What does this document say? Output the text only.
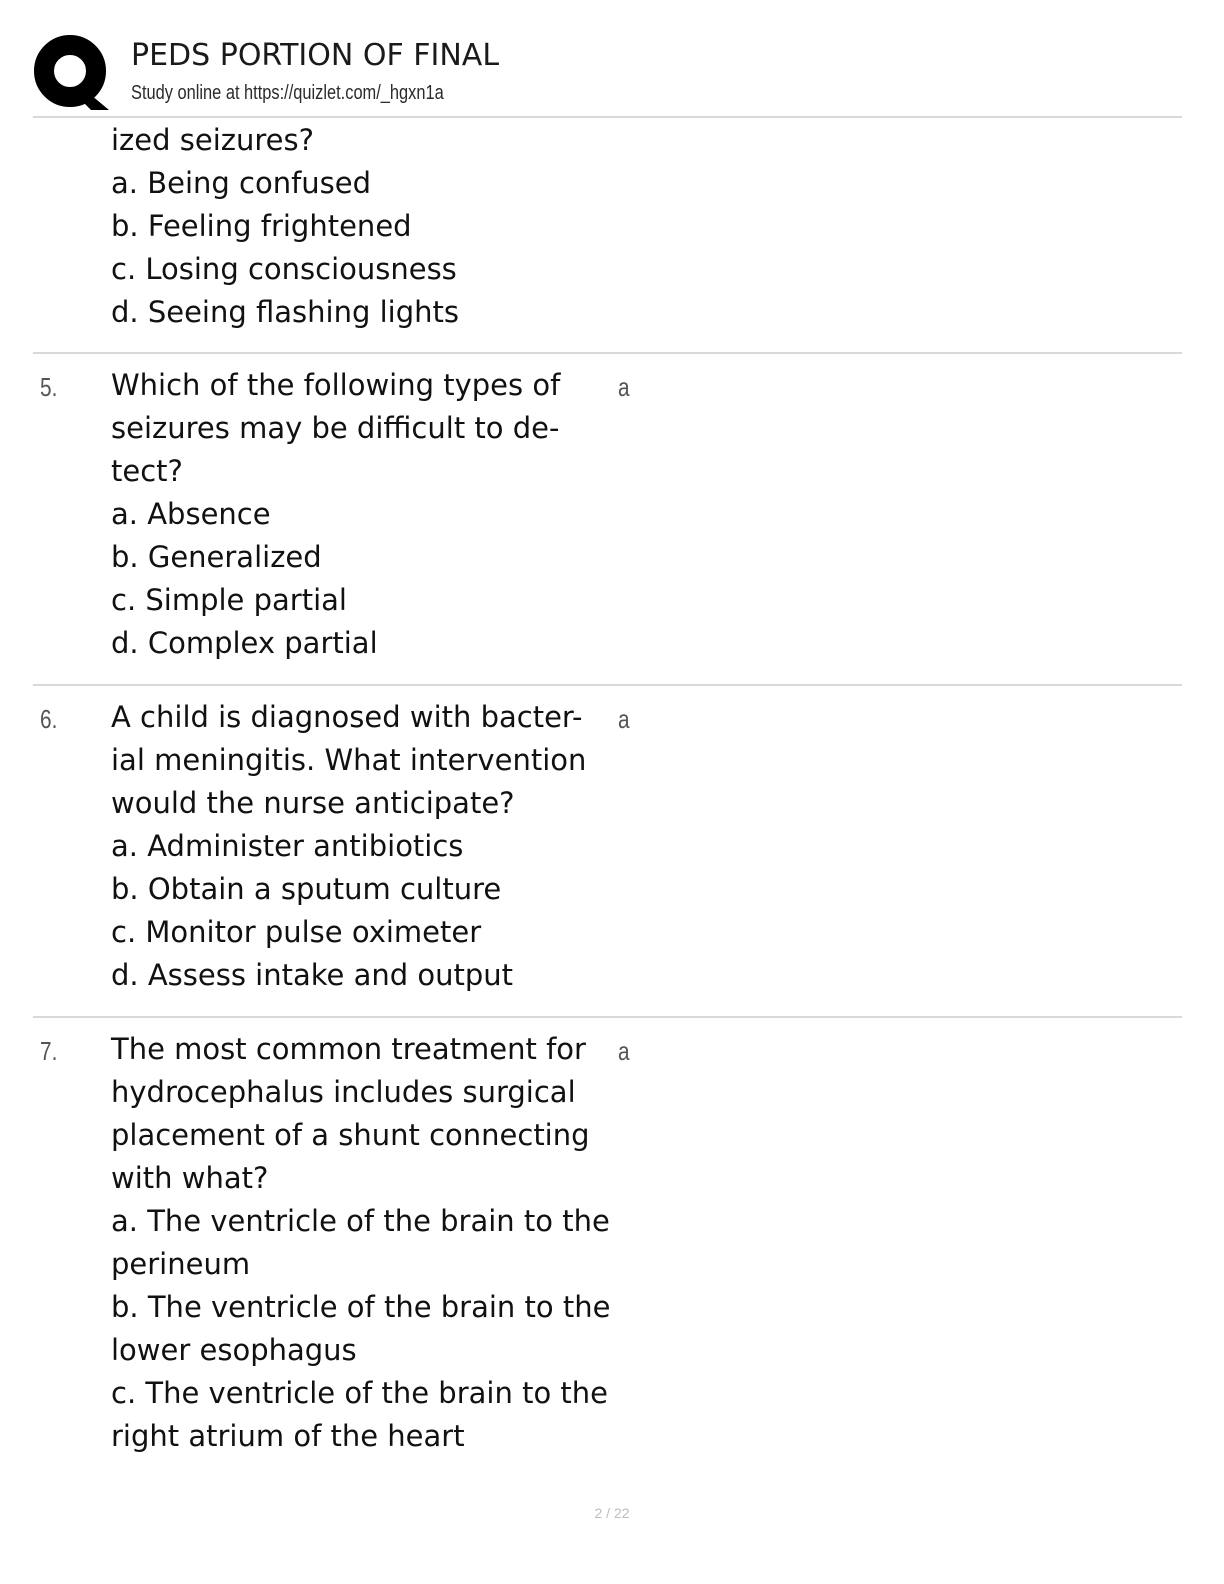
PEDS PORTION OF FINAL
Study online at https://quizlet.com/_hgxn1a
ized seizures?
a. Being confused
b. Feeling frightened
c. Losing consciousness
d. Seeing flashing lights
5. Which of the following types of
seizures may be difficult to de-
tect?
a. Absence
b. Generalized
c. Simple partial
d. Complex partial
a
6. A child is diagnosed with bacter-
ial meningitis. What intervention
would the nurse anticipate?
a. Administer antibiotics
b. Obtain a sputum culture
c. Monitor pulse oximeter
d. Assess intake and output
a
7. The most common treatment for
hydrocephalus includes surgical
placement of a shunt connecting
with what?
a. The ventricle of the brain to the
perineum
b. The ventricle of the brain to the
lower esophagus
c. The ventricle of the brain to the
right atrium of the heart
a
2 / 22
